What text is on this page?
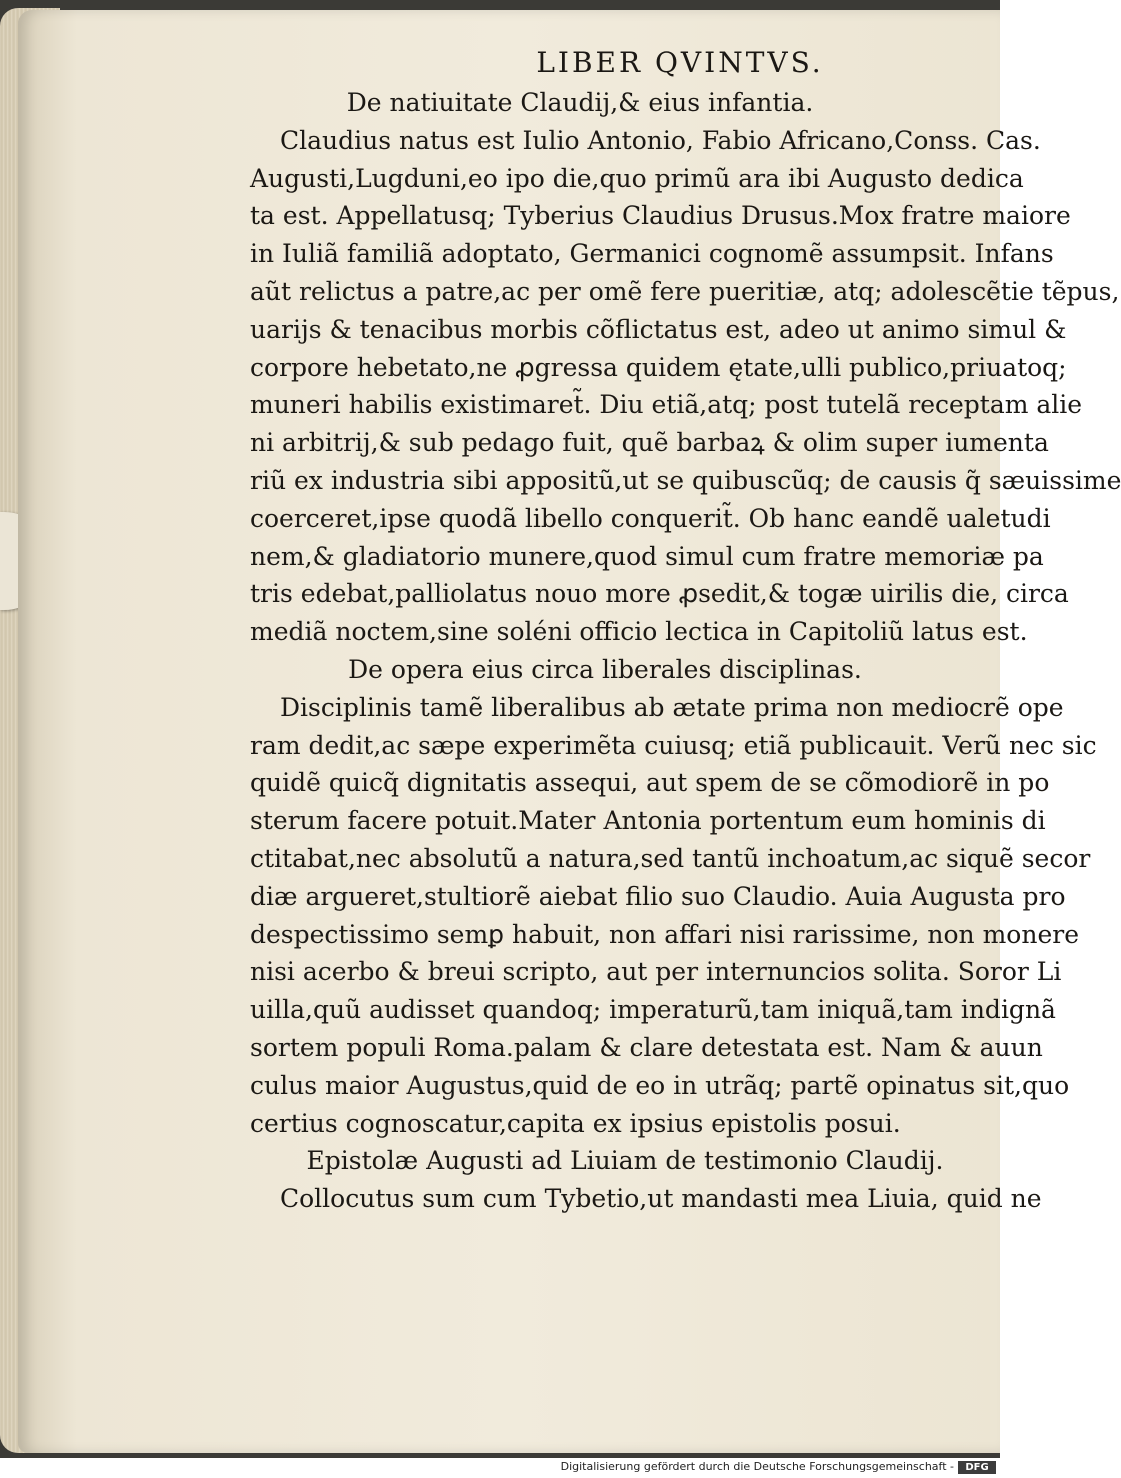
LIBER QVINTVS.
De natiuitate Claudij,& eius infantia.
Claudius natus est Iulio Antonio, Fabio Africano,Conss. Cas.
Augusti,Lugduni,eo ipo die,quo primũ ara ibi Augusto dedica
ta est. Appellatusq; Tyberius Claudius Drusus.Mox fratre maiore
in Iuliã familiã adoptato, Germanici cognomẽ assumpsit. Infans
aũt relictus a patre,ac per omẽ fere pueritiæ, atq; adolescẽtie tẽpus,
uarijs & tenacibus morbis cõflictatus est, adeo ut animo simul &
corpore hebetato,ne ꝓgressa quidem ętate,ulli publico,priuatoq;
muneri habilis existimaret̃. Diu etiã,atq; post tutelã receptam alie
ni arbitrij,& sub pedago fuit, quẽ barbaꝝ & olim super iumenta
riũ ex industria sibi appositũ,ut se quibuscũq; de causis q̃ sæuissime
coerceret,ipse quodã libello conquerit̃. Ob hanc eandẽ ualetudi
nem,& gladiatorio munere,quod simul cum fratre memoriæ pa
tris edebat,palliolatus nouo more ꝓsedit,& togæ uirilis die, circa
mediã noctem,sine soléni officio lectica in Capitoliũ latus est.
De opera eius circa liberales disciplinas.
Disciplinis tamẽ liberalibus ab ætate prima non mediocrẽ ope
ram dedit,ac sæpe experimẽta cuiusq; etiã publicauit. Verũ nec sic
quidẽ quicq̃ dignitatis assequi, aut spem de se cõmodiorẽ in po
sterum facere potuit.Mater Antonia portentum eum hominis di
ctitabat,nec absolutũ a natura,sed tantũ inchoatum,ac siquẽ secor
diæ argueret,stultiorẽ aiebat filio suo Claudio. Auia Augusta pro
despectissimo semꝑ habuit, non affari nisi rarissime, non monere
nisi acerbo & breui scripto, aut per internuncios solita. Soror Li
uilla,quũ audisset quandoq; imperaturũ,tam iniquã,tam indignã
sortem populi Roma.palam & clare detestata est. Nam & auun
culus maior Augustus,quid de eo in utrãq; partẽ opinatus sit,quo
certius cognoscatur,capita ex ipsius epistolis posui.
Epistolæ Augusti ad Liuiam de testimonio Claudij.
Collocutus sum cum Tybetio,ut mandasti mea Liuia, quid ne
Digitalisierung gefördert durch die Deutsche Forschungsgemeinschaft -	DFG
